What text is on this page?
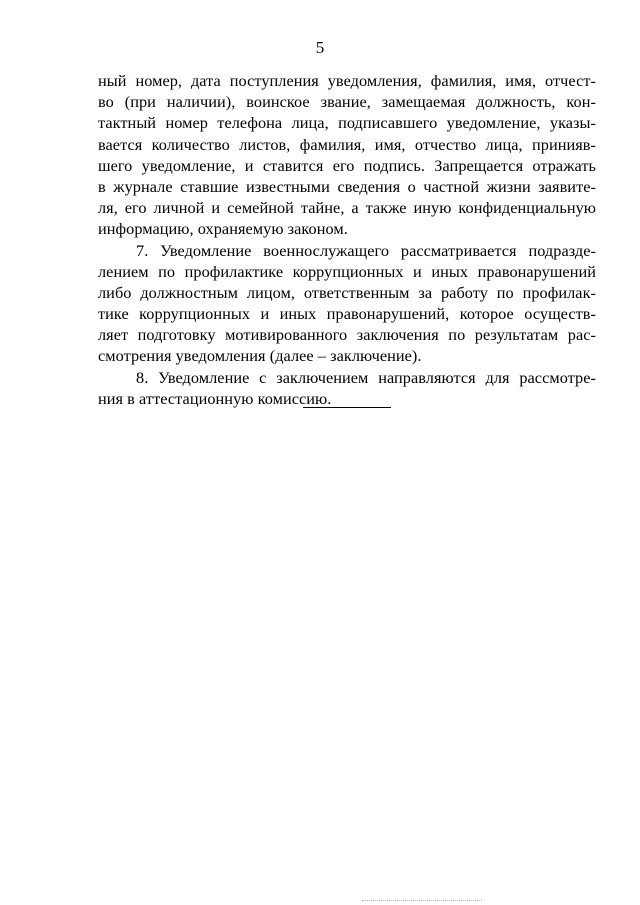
5
ный номер, дата поступления уведомления, фамилия, имя, отчест-
во (при наличии), воинское звание, замещаемая должность, кон-
тактный номер телефона лица, подписавшего уведомление, указы-
вается количество листов, фамилия, имя, отчество лица, принияв-
шего уведомление, и ставится его подпись. Запрещается отражать
в журнале ставшие известными сведения о частной жизни заявите-
ля, его личной и семейной тайне, а также иную конфиденциальную
информацию, охраняемую законом.
7. Уведомление военнослужащего рассматривается подразде-
лением по профилактике коррупционных и иных правонарушений
либо должностным лицом, ответственным за работу по профилак-
тике коррупционных и иных правонарушений, которое осуществ-
ляет подготовку мотивированного заключения по результатам рас-
смотрения уведомления (далее – заключение).
8. Уведомление с заключением направляются для рассмотре-
ния в аттестационную комиссию.
